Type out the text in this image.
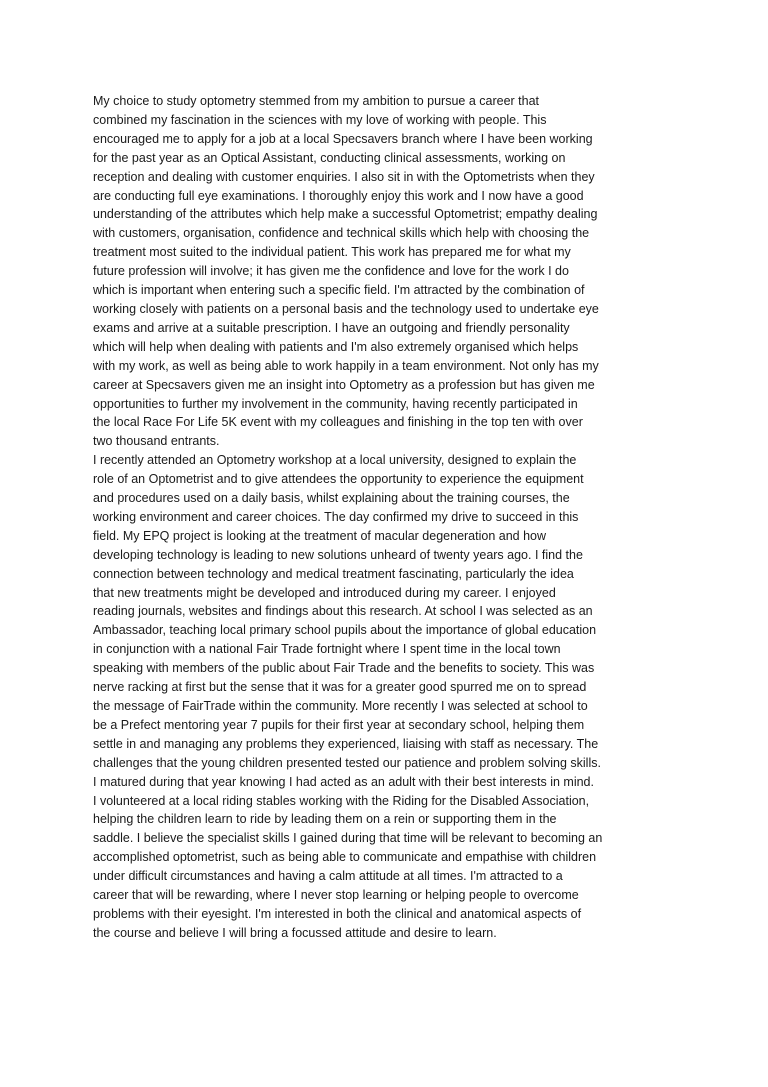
My choice to study optometry stemmed from my ambition to pursue a career that
combined my fascination in the sciences with my love of working with people. This
encouraged me to apply for a job at a local Specsavers branch where I have been working
for the past year as an Optical Assistant, conducting clinical assessments, working on
reception and dealing with customer enquiries. I also sit in with the Optometrists when they
are conducting full eye examinations. I thoroughly enjoy this work and I now have a good
understanding of the attributes which help make a successful Optometrist; empathy dealing
with customers, organisation, confidence and technical skills which help with choosing the
treatment most suited to the individual patient. This work has prepared me for what my
future profession will involve; it has given me the confidence and love for the work I do
which is important when entering such a specific field. I'm attracted by the combination of
working closely with patients on a personal basis and the technology used to undertake eye
exams and arrive at a suitable prescription. I have an outgoing and friendly personality
which will help when dealing with patients and I'm also extremely organised which helps
with my work, as well as being able to work happily in a team environment. Not only has my
career at Specsavers given me an insight into Optometry as a profession but has given me
opportunities to further my involvement in the community, having recently participated in
the local Race For Life 5K event with my colleagues and finishing in the top ten with over
two thousand entrants.
I recently attended an Optometry workshop at a local university, designed to explain the
role of an Optometrist and to give attendees the opportunity to experience the equipment
and procedures used on a daily basis, whilst explaining about the training courses, the
working environment and career choices. The day confirmed my drive to succeed in this
field. My EPQ project is looking at the treatment of macular degeneration and how
developing technology is leading to new solutions unheard of twenty years ago. I find the
connection between technology and medical treatment fascinating, particularly the idea
that new treatments might be developed and introduced during my career. I enjoyed
reading journals, websites and findings about this research. At school I was selected as an
Ambassador, teaching local primary school pupils about the importance of global education
in conjunction with a national Fair Trade fortnight where I spent time in the local town
speaking with members of the public about Fair Trade and the benefits to society. This was
nerve racking at first but the sense that it was for a greater good spurred me on to spread
the message of FairTrade within the community. More recently I was selected at school to
be a Prefect mentoring year 7 pupils for their first year at secondary school, helping them
settle in and managing any problems they experienced, liaising with staff as necessary. The
challenges that the young children presented tested our patience and problem solving skills.
I matured during that year knowing I had acted as an adult with their best interests in mind.
I volunteered at a local riding stables working with the Riding for the Disabled Association,
helping the children learn to ride by leading them on a rein or supporting them in the
saddle. I believe the specialist skills I gained during that time will be relevant to becoming an
accomplished optometrist, such as being able to communicate and empathise with children
under difficult circumstances and having a calm attitude at all times. I'm attracted to a
career that will be rewarding, where I never stop learning or helping people to overcome
problems with their eyesight. I'm interested in both the clinical and anatomical aspects of
the course and believe I will bring a focussed attitude and desire to learn.
